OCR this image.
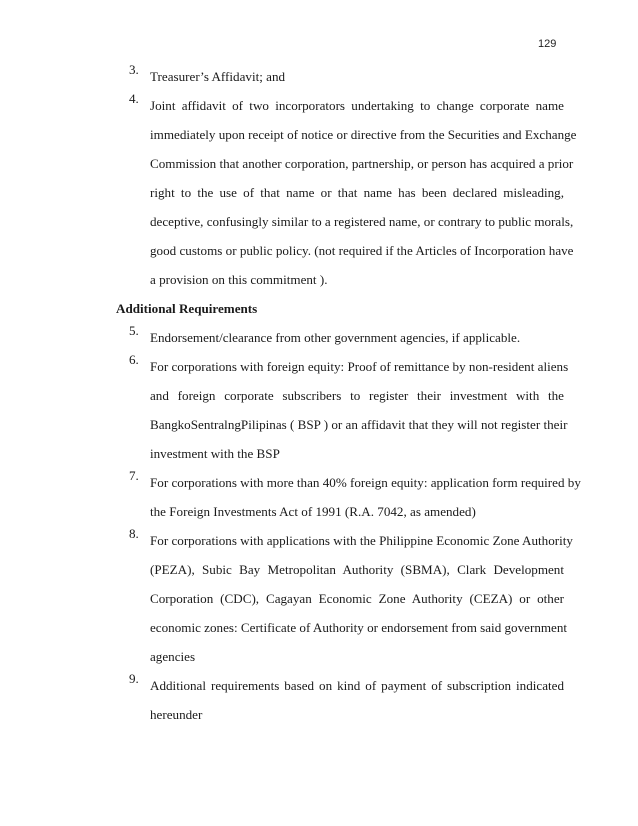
129
3. Treasurer’s Affidavit; and
4. Joint affidavit of two incorporators undertaking to change corporate name
immediately upon receipt of notice or directive from the Securities and Exchange
Commission that another corporation, partnership, or person has acquired a prior
right to the use of that name or that name has been declared misleading,
deceptive, confusingly similar to a registered name, or contrary to public morals,
good customs or public policy. (not required if the Articles of Incorporation have
a provision on this commitment ).
Additional Requirements
5. Endorsement/clearance from other government agencies, if applicable.
6. For corporations with foreign equity: Proof of remittance by non-resident aliens
and foreign corporate subscribers to register their investment with the
BangkoSentralngPilipinas ( BSP ) or an affidavit that they will not register their
investment with the BSP
7. For corporations with more than 40% foreign equity: application form required by
the Foreign Investments Act of 1991 (R.A. 7042, as amended)
8. For corporations with applications with the Philippine Economic Zone Authority
(PEZA), Subic Bay Metropolitan Authority (SBMA), Clark Development
Corporation (CDC), Cagayan Economic Zone Authority (CEZA) or other
economic zones: Certificate of Authority or endorsement from said government
agencies
9. Additional requirements based on kind of payment of subscription indicated
hereunder
